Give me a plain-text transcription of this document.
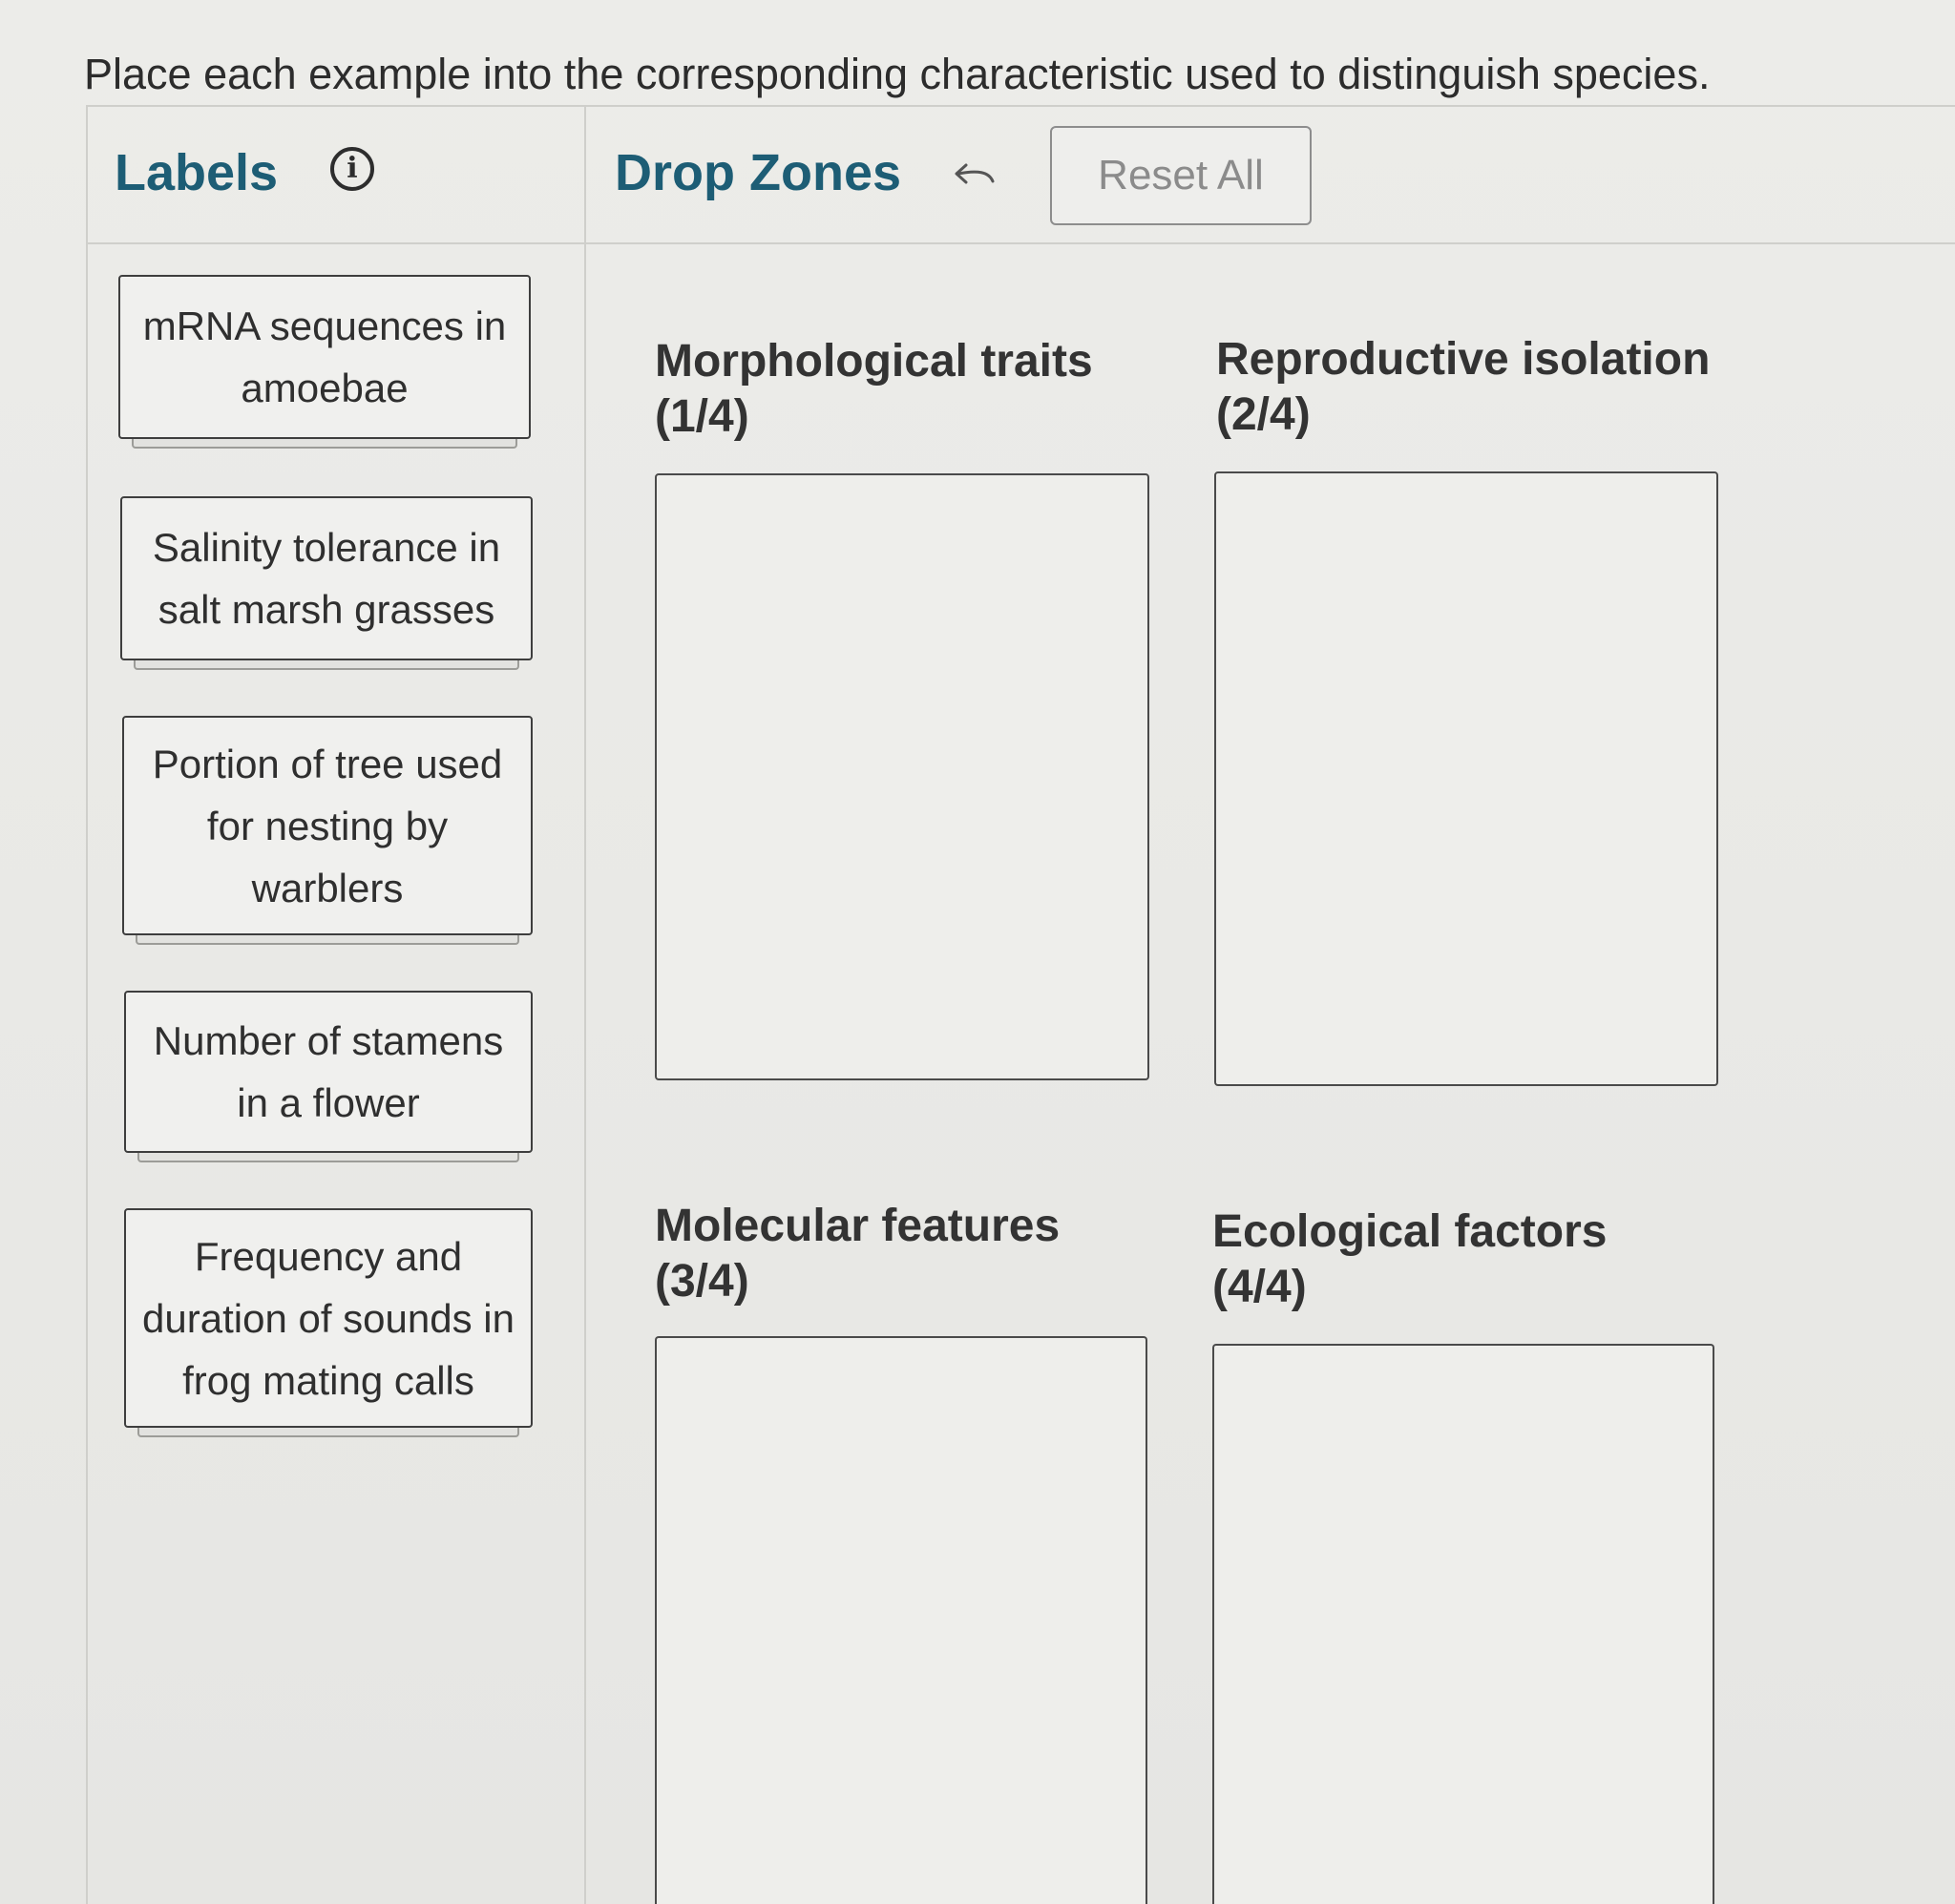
Place each example into the corresponding characteristic used to distinguish species.
Labels	i	Drop Zones	Reset All
mRNA sequences in amoebae
Salinity tolerance in salt marsh grasses
Portion of tree used for nesting by warblers
Number of stamens in a flower
Frequency and duration of sounds in frog mating calls
Morphological traits
(1/4)
Reproductive isolation
(2/4)
Molecular features
(3/4)
Ecological factors
(4/4)
